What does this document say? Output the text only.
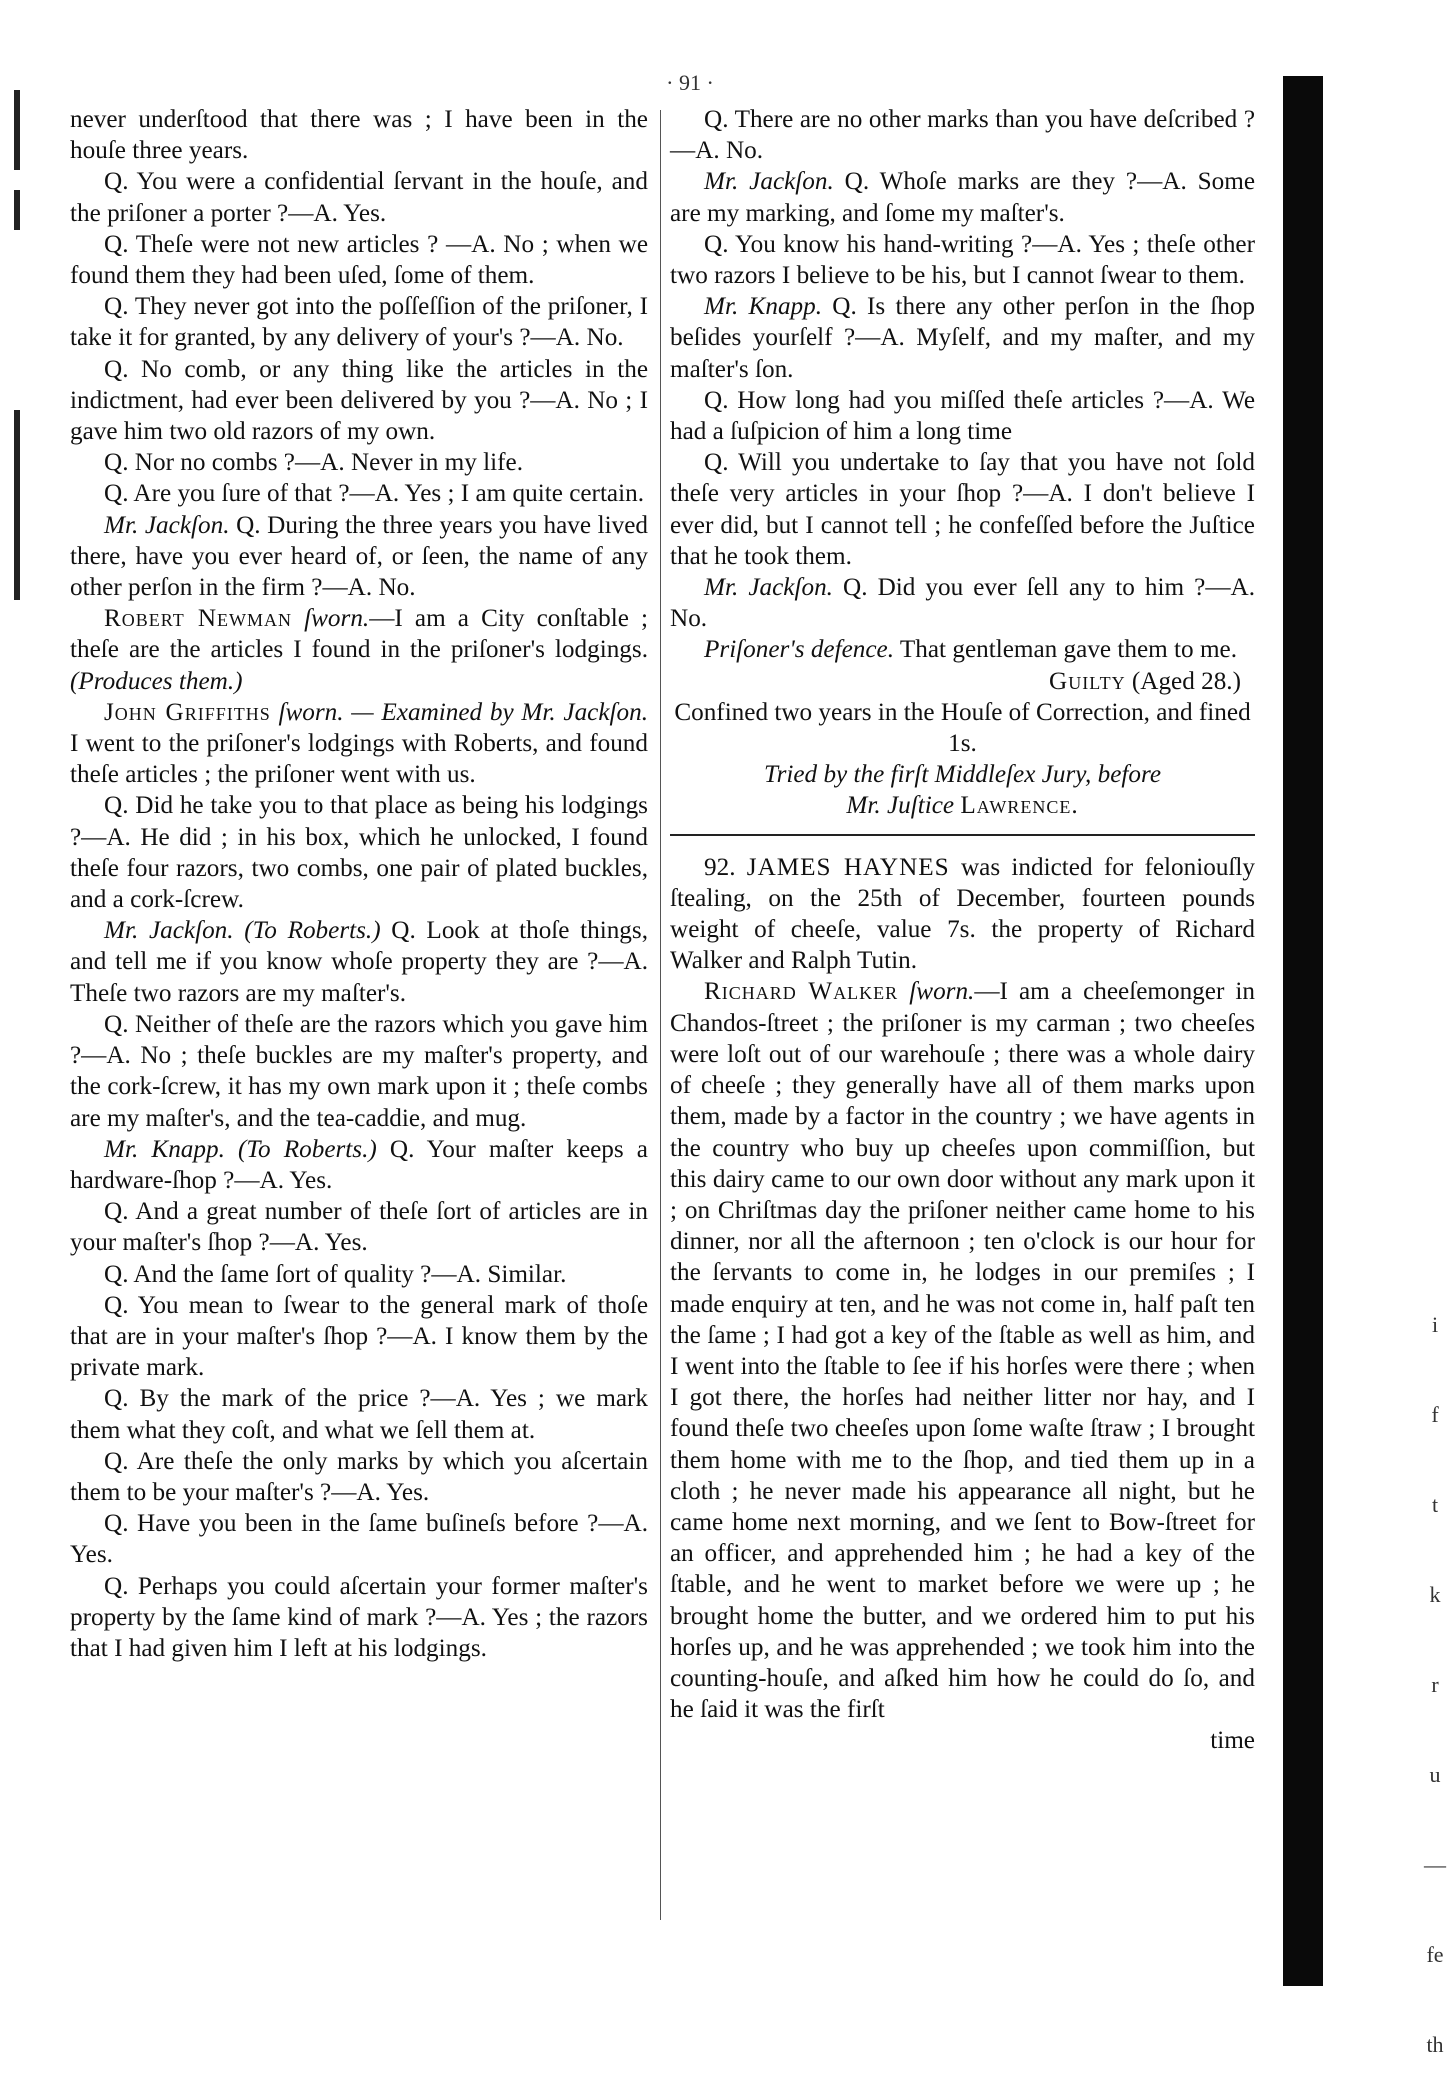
· 91 ·

never underſtood that there was ; I have been in the houſe three years.

Q. You were a confidential ſervant in the houſe, and the priſoner a porter ?—A. Yes.

Q. Theſe were not new articles ? —A. No ; when we found them they had been uſed, ſome of them.

Q. They never got into the poſſeſſion of the priſoner, I take it for granted, by any delivery of your's ?—A. No.

Q. No comb, or any thing like the articles in the indictment, had ever been delivered by you ?—A. No ; I gave him two old razors of my own.

Q. Nor no combs ?—A. Never in my life.

Q. Are you ſure of that ?—A. Yes ; I am quite certain.

Mr. Jackſon. Q. During the three years you have lived there, have you ever heard of, or ſeen, the name of any other perſon in the firm ?—A. No.

Robert Newman ſworn.—I am a City conſtable ; theſe are the articles I found in the priſoner's lodgings. (Produces them.)

John Griffiths ſworn. — Examined by Mr. Jackſon. I went to the priſoner's lodgings with Roberts, and found theſe articles ; the priſoner went with us.

Q. Did he take you to that place as being his lodgings ?—A. He did ; in his box, which he unlocked, I found theſe four razors, two combs, one pair of plated buckles, and a cork-ſcrew.

Mr. Jackſon. (To Roberts.) Q. Look at thoſe things, and tell me if you know whoſe property they are ?—A. Theſe two razors are my maſter's.

Q. Neither of theſe are the razors which you gave him ?—A. No ; theſe buckles are my maſter's property, and the cork-ſcrew, it has my own mark upon it ; theſe combs are my maſter's, and the tea-caddie, and mug.

Mr. Knapp. (To Roberts.) Q. Your maſter keeps a hardware-ſhop ?—A. Yes.

Q. And a great number of theſe ſort of articles are in your maſter's ſhop ?—A. Yes.

Q. And the ſame ſort of quality ?—A. Similar.

Q. You mean to ſwear to the general mark of thoſe that are in your maſter's ſhop ?—A. I know them by the private mark.

Q. By the mark of the price ?—A. Yes ; we mark them what they coſt, and what we ſell them at.

Q. Are theſe the only marks by which you aſcertain them to be your maſter's ?—A. Yes.

Q. Have you been in the ſame buſineſs before ?—A. Yes.

Q. Perhaps you could aſcertain your former maſter's property by the ſame kind of mark ?—A. Yes ; the razors that I had given him I left at his lodgings.

Q. There are no other marks than you have deſcribed ?—A. No.

Mr. Jackſon. Q. Whoſe marks are they ?—A. Some are my marking, and ſome my maſter's.

Q. You know his hand-writing ?—A. Yes ; theſe other two razors I believe to be his, but I cannot ſwear to them.

Mr. Knapp. Q. Is there any other perſon in the ſhop beſides yourſelf ?—A. Myſelf, and my maſter, and my maſter's ſon.

Q. How long had you miſſed theſe articles ?—A. We had a ſuſpicion of him a long time

Q. Will you undertake to ſay that you have not ſold theſe very articles in your ſhop ?—A. I don't believe I ever did, but I cannot tell ; he confeſſed before the Juſtice that he took them.

Mr. Jackſon. Q. Did you ever ſell any to him ?—A. No.

Priſoner's defence. That gentleman gave them to me.

Guilty (Aged 28.)

Confined two years in the Houſe of Correction, and fined 1s.

Tried by the firſt Middleſex Jury, before

Mr. Juſtice Lawrence.

92. JAMES HAYNES was indicted for feloniouſly ſtealing, on the 25th of December, fourteen pounds weight of cheeſe, value 7s. the property of Richard Walker and Ralph Tutin.

Richard Walker ſworn.—I am a cheeſemonger in Chandos-ſtreet ; the priſoner is my carman ; two cheeſes were loſt out of our warehouſe ; there was a whole dairy of cheeſe ; they generally have all of them marks upon them, made by a factor in the country ; we have agents in the country who buy up cheeſes upon commiſſion, but this dairy came to our own door without any mark upon it ; on Chriſtmas day the priſoner neither came home to his dinner, nor all the afternoon ; ten o'clock is our hour for the ſervants to come in, he lodges in our premiſes ; I made enquiry at ten, and he was not come in, half paſt ten the ſame ; I had got a key of the ſtable as well as him, and I went into the ſtable to ſee if his horſes were there ; when I got there, the horſes had neither litter nor hay, and I found theſe two cheeſes upon ſome waſte ſtraw ; I brought them home with me to the ſhop, and tied them up in a cloth ; he never made his appearance all night, but he came home next morning, and we ſent to Bow-ſtreet for an officer, and apprehended him ; he had a key of the ſtable, and he went to market before we were up ; he brought home the butter, and we ordered him to put his horſes up, and he was apprehended ; we took him into the counting-houſe, and aſked him how he could do ſo, and he ſaid it was the firſt

time

i
f
t
k
r
u
—
fe
th
